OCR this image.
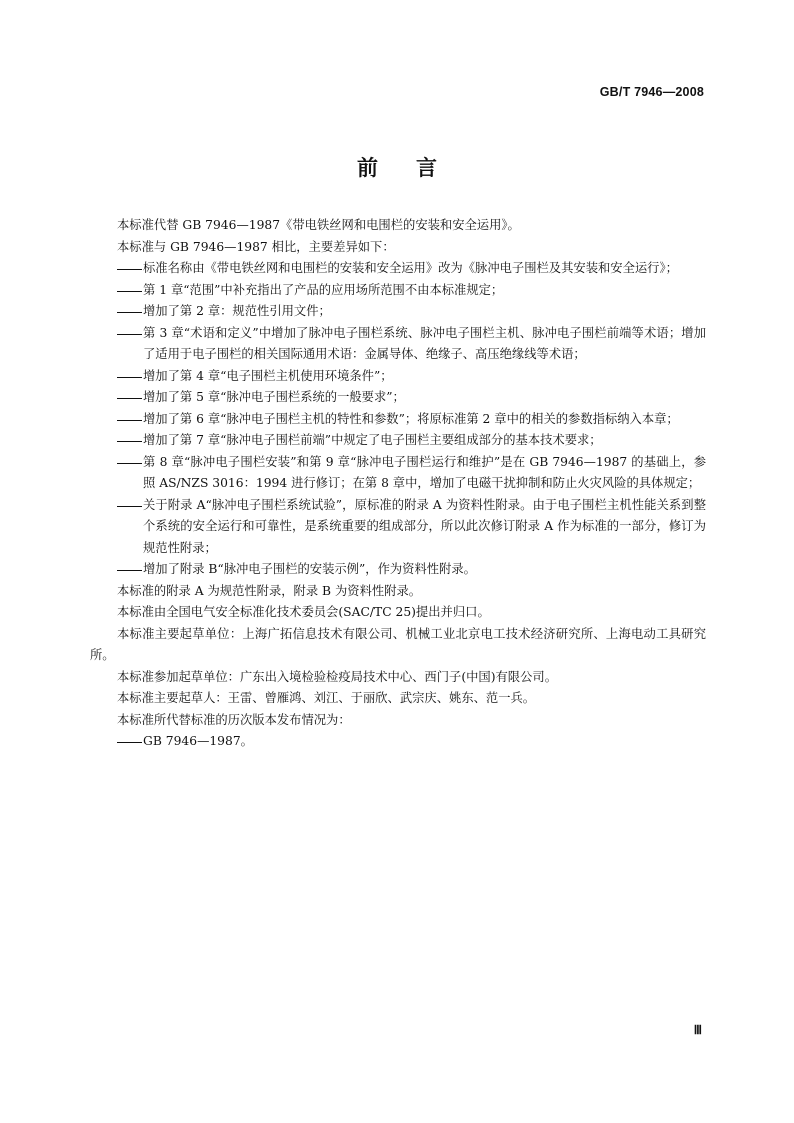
GB/T 7946—2008
前言

本标准代替 GB 7946—1987《带电铁丝网和电围栏的安装和安全运用》。

本标准与 GB 7946—1987 相比，主要差异如下：

标准名称由《带电铁丝网和电围栏的安装和安全运用》改为《脉冲电子围栏及其安装和安全运行》；
第 1 章“范围”中补充指出了产品的应用场所范围不由本标准规定；
增加了第 2 章：规范性引用文件；
第 3 章“术语和定义”中增加了脉冲电子围栏系统、脉冲电子围栏主机、脉冲电子围栏前端等术语；增加了适用于电子围栏的相关国际通用术语：金属导体、绝缘子、高压绝缘线等术语；
增加了第 4 章“电子围栏主机使用环境条件”；
增加了第 5 章“脉冲电子围栏系统的一般要求”；
增加了第 6 章“脉冲电子围栏主机的特性和参数”；将原标准第 2 章中的相关的参数指标纳入本章；
增加了第 7 章“脉冲电子围栏前端”中规定了电子围栏主要组成部分的基本技术要求；
第 8 章“脉冲电子围栏安装”和第 9 章“脉冲电子围栏运行和维护”是在 GB 7946—1987 的基础上，参照 AS/NZS 3016：1994 进行修订；在第 8 章中，增加了电磁干扰抑制和防止火灾风险的具体规定；
关于附录 A“脉冲电子围栏系统试验”，原标准的附录 A 为资料性附录。由于电子围栏主机性能关系到整个系统的安全运行和可靠性，是系统重要的组成部分，所以此次修订附录 A 作为标准的一部分，修订为规范性附录；
增加了附录 B“脉冲电子围栏的安装示例”，作为资料性附录。

本标准的附录 A 为规范性附录，附录 B 为资料性附录。

本标准由全国电气安全标准化技术委员会(SAC/TC 25)提出并归口。

本标准主要起草单位：上海广拓信息技术有限公司、机械工业北京电工技术经济研究所、上海电动工具研究所。

本标准参加起草单位：广东出入境检验检疫局技术中心、西门子(中国)有限公司。

本标准主要起草人：王雷、曾雁鸿、刘江、于丽欣、武宗庆、姚东、范一兵。

本标准所代替标准的历次版本发布情况为：

GB 7946—1987。
Ⅲ
